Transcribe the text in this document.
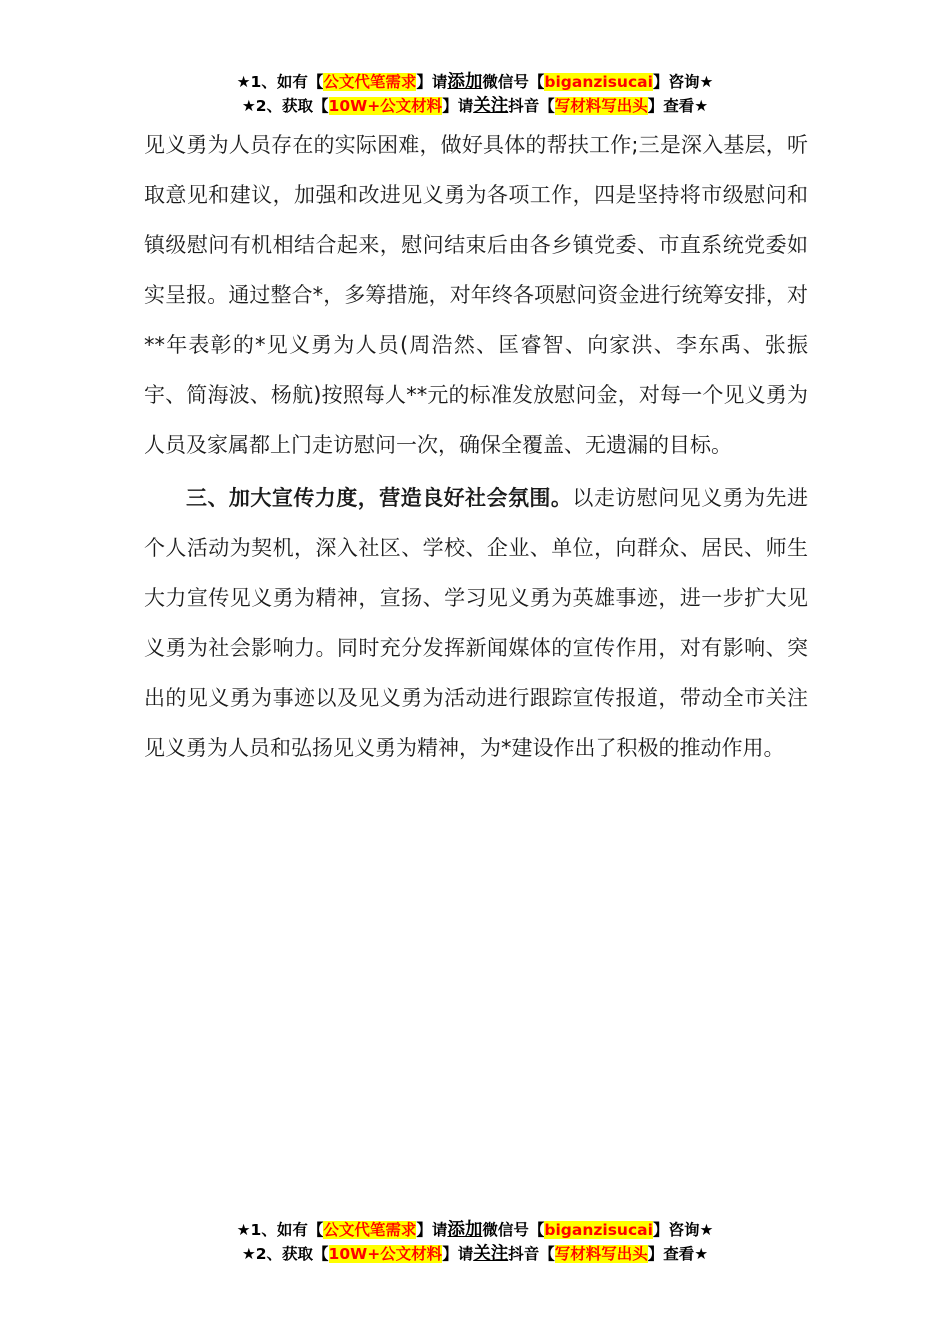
★1、如有【公文代笔需求】请添加微信号【biganzisucai】咨询★
★2、获取【10W+公文材料】请关注抖音【写材料写出头】查看★

见义勇为人员存在的实际困难，做好具体的帮扶工作;三是深入基层，听取意见和建议，加强和改进见义勇为各项工作，四是坚持将市级慰问和镇级慰问有机相结合起来，慰问结束后由各乡镇党委、市直系统党委如实呈报。通过整合*，多筹措施，对年终各项慰问资金进行统筹安排，对**年表彰的*见义勇为人员(周浩然、匡睿智、向家洪、李东禹、张振宇、简海波、杨航)按照每人**元的标准发放慰问金，对每一个见义勇为人员及家属都上门走访慰问一次，确保全覆盖、无遗漏的目标。

三、加大宣传力度，营造良好社会氛围。以走访慰问见义勇为先进个人活动为契机，深入社区、学校、企业、单位，向群众、居民、师生大力宣传见义勇为精神，宣扬、学习见义勇为英雄事迹，进一步扩大见义勇为社会影响力。同时充分发挥新闻媒体的宣传作用，对有影响、突出的见义勇为事迹以及见义勇为活动进行跟踪宣传报道，带动全市关注见义勇为人员和弘扬见义勇为精神，为*建设作出了积极的推动作用。

★1、如有【公文代笔需求】请添加微信号【biganzisucai】咨询★
★2、获取【10W+公文材料】请关注抖音【写材料写出头】查看★
